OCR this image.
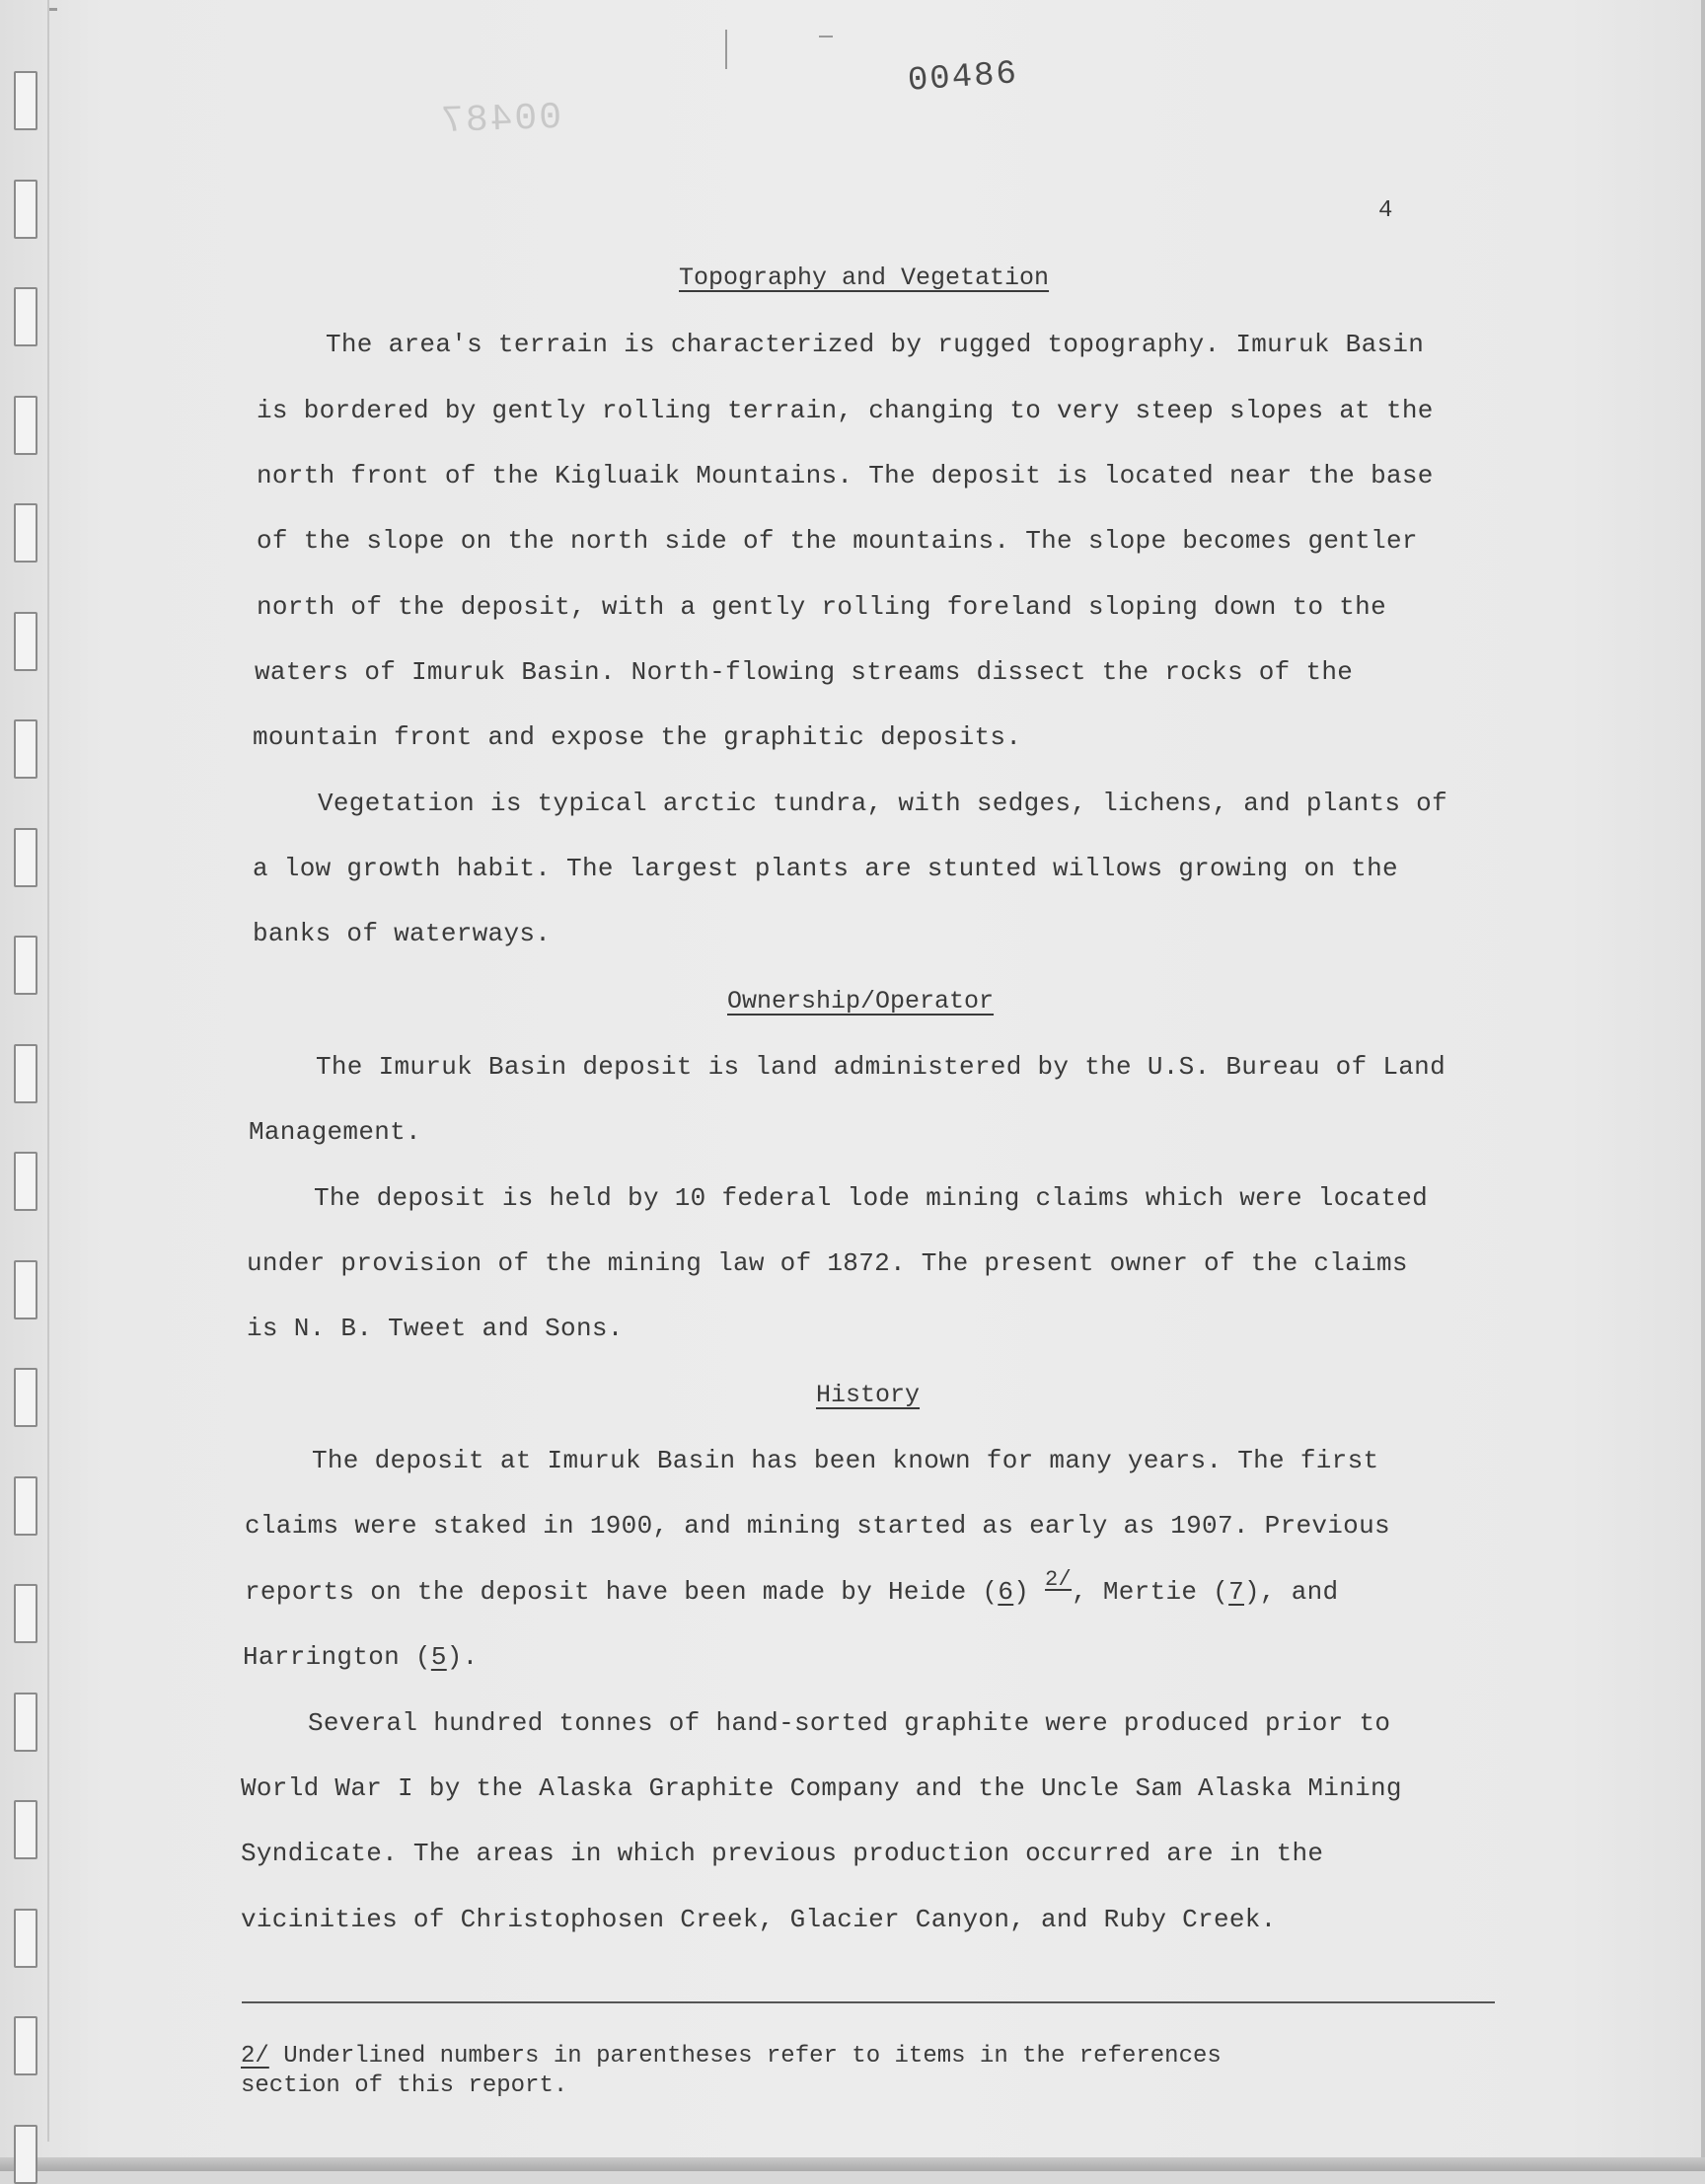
00487
00486
4
Topography and Vegetation
The area's terrain is characterized by rugged topography. Imuruk Basin
is bordered by gently rolling terrain, changing to very steep slopes at the
north front of the Kigluaik Mountains. The deposit is located near the base
of the slope on the north side of the mountains. The slope becomes gentler
north of the deposit, with a gently rolling foreland sloping down to the
waters of Imuruk Basin. North-flowing streams dissect the rocks of the
mountain front and expose the graphitic deposits.
Vegetation is typical arctic tundra, with sedges, lichens, and plants of
a low growth habit. The largest plants are stunted willows growing on the
banks of waterways.
Ownership/Operator
The Imuruk Basin deposit is land administered by the U.S. Bureau of Land
Management.
The deposit is held by 10 federal lode mining claims which were located
under provision of the mining law of 1872. The present owner of the claims
is N. B. Tweet and Sons.
History
The deposit at Imuruk Basin has been known for many years. The first
claims were staked in 1900, and mining started as early as 1907. Previous
reports on the deposit have been made by Heide (6) $^{2/}$, Mertie (7), and
Harrington (5).
Several hundred tonnes of hand-sorted graphite were produced prior to
World War I by the Alaska Graphite Company and the Uncle Sam Alaska Mining
Syndicate. The areas in which previous production occurred are in the
vicinities of Christophosen Creek, Glacier Canyon, and Ruby Creek.
2/ Underlined numbers in parentheses refer to items in the references
section of this report.
